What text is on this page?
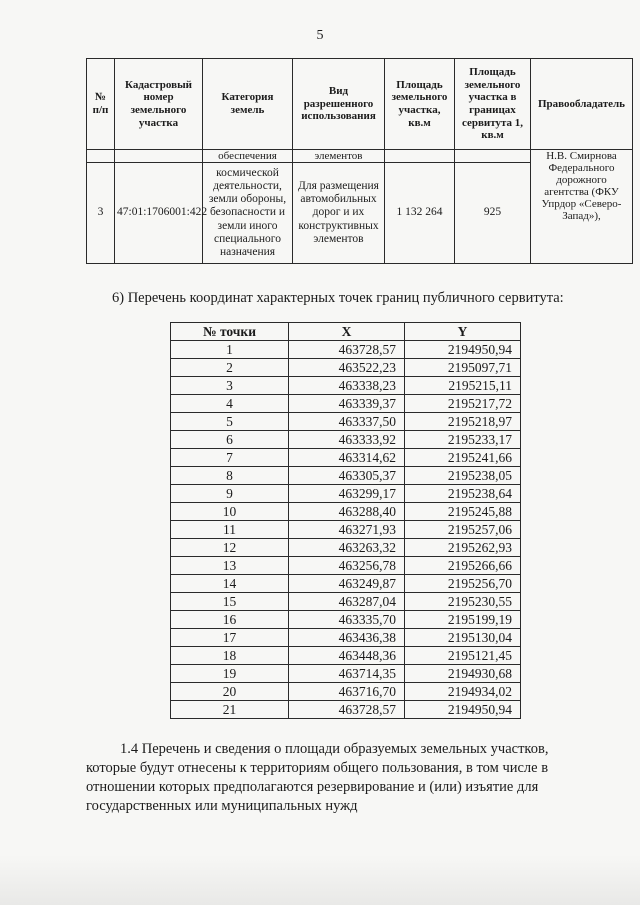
5
№ п/п	Кадастровый номер земельного участка	Категория земель	Вид разрешенного использования	Площадь земельного участка, кв.м	Площадь земельного участка в границах сервитута 1, кв.м	Правообладатель
		обеспечения	элементов			Н.В. Смирнова Федерального дорожного агентства (ФКУ Упрдор «Северо-Запад»),
3	47:01:1706001:422	космической деятельности, земли обороны, безопасности и земли иного специального назначения	Для размещения автомобильных дорог и их конструктивных элементов	1 132 264	925	
6) Перечень координат характерных точек границ публичного сервитута:
№ точки	X	Y
1	463728,57	2194950,94
2	463522,23	2195097,71
3	463338,23	2195215,11
4	463339,37	2195217,72
5	463337,50	2195218,97
6	463333,92	2195233,17
7	463314,62	2195241,66
8	463305,37	2195238,05
9	463299,17	2195238,64
10	463288,40	2195245,88
11	463271,93	2195257,06
12	463263,32	2195262,93
13	463256,78	2195266,66
14	463249,87	2195256,70
15	463287,04	2195230,55
16	463335,70	2195199,19
17	463436,38	2195130,04
18	463448,36	2195121,45
19	463714,35	2194930,68
20	463716,70	2194934,02
21	463728,57	2194950,94
1.4 Перечень и сведения о площади образуемых земельных участков,
которые будут отнесены к территориям общего пользования, в том числе в
отношении которых предполагаются резервирование и (или) изъятие для
государственных или муниципальных нужд
